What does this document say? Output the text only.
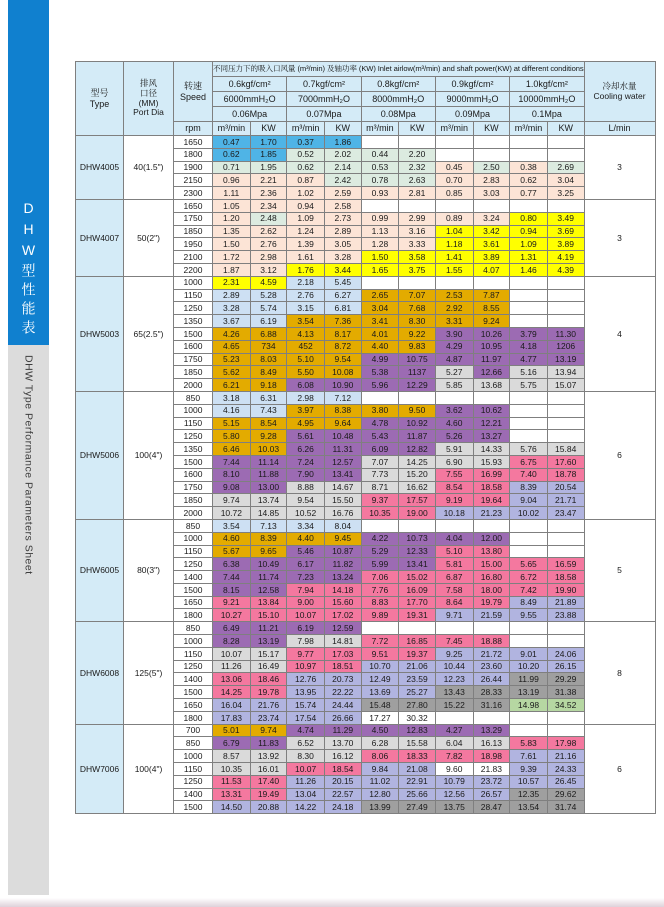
DHW型性能表
DHW Type Performance Parameters Sheet
型号
Type

排风
口径
(MM)
Port Dia

转速
Speed
	不同压力下的吸入口风量 (m³/min) 及轴功率 (KW) Inlet airlow(m³/min) and shaft power(KW) at different conditions	
冷却水量
Cooling water

			0.6kgf/cm²		0.7kgf/cm²		0.8kgf/cm²		0.9kgf/cm²		1.0kgf/cm²		
			6000mmH₂O		7000mmH₂O		8000mmH₂O		9000mmH₂O		10000mmH₂O		
			0.06Mpa		0.07Mpa		0.08Mpa		0.09Mpa		0.1Mpa		
		rpm	m³/min	KW	m³/min	KW	m³/min	KW	m³/min	KW	m³/min	KW	L/min
DHW4005	40(1.5")	1650	0.47	1.70	0.37	1.86							3
		1800	0.62	1.85	0.52	2.02	0.44	2.20					
		1900	0.71	1.95	0.62	2.14	0.53	2.32	0.45	2.50	0.38	2.69	
		2150	0.96	2.21	0.87	2.42	0.78	2.63	0.70	2.83	0.62	3.04	
		2300	1.11	2.36	1.02	2.59	0.93	2.81	0.85	3.03	0.77	3.25	
DHW4007	50(2")	1650	1.05	2.34	0.94	2.58							3
		1750	1.20	2.48	1.09	2.73	0.99	2.99	0.89	3.24	0.80	3.49	
		1850	1.35	2.62	1.24	2.89	1.13	3.16	1.04	3.42	0.94	3.69	
		1950	1.50	2.76	1.39	3.05	1.28	3.33	1.18	3.61	1.09	3.89	
		2100	1.72	2.98	1.61	3.28	1.50	3.58	1.41	3.89	1.31	4.19	
		2200	1.87	3.12	1.76	3.44	1.65	3.75	1.55	4.07	1.46	4.39	
DHW5003	65(2.5")	1000	2.31	4.59	2.18	5.45							4
		1150	2.89	5.28	2.76	6.27	2.65	7.07	2.53	7.87			
		1250	3.28	5.74	3.15	6.81	3.04	7.68	2.92	8.55			
		1350	3.67	6.19	3.54	7.36	3.41	8.30	3.31	9.24			
		1500	4.26	6.88	4.13	8.17	4.01	9.22	3.90	10.26	3.79	11.30	
		1600	4.65	734	452	8.72	4.40	9.83	4.29	10.95	4.18	1206	
		1750	5.23	8.03	5.10	9.54	4.99	10.75	4.87	11.97	4.77	13.19	
		1850	5.62	8.49	5.50	10.08	5.38	1137	5.27	12.66	5.16	13.94	
		2000	6.21	9.18	6.08	10.90	5.96	12.29	5.85	13.68	5.75	15.07	
DHW5006	100(4")	850	3.18	6.31	2.98	7.12							6
		1000	4.16	7.43	3.97	8.38	3.80	9.50	3.62	10.62			
		1150	5.15	8.54	4.95	9.64	4.78	10.92	4.60	12.21			
		1250	5.80	9.28	5.61	10.48	5.43	11.87	5.26	13.27			
		1350	6.46	10.03	6.26	11.31	6.09	12.82	5.91	14.33	5.76	15.84	
		1500	7.44	11.14	7.24	12.57	7.07	14.25	6.90	15.93	6.75	17.60	
		1600	8.10	11.88	7.90	13.41	7.73	15.20	7.55	16.99	7.40	18.78	
		1750	9.08	13.00	8.88	14.67	8.71	16.62	8.54	18.58	8.39	20.54	
		1850	9.74	13.74	9.54	15.50	9.37	17.57	9.19	19.64	9.04	21.71	
		2000	10.72	14.85	10.52	16.76	10.35	19.00	10.18	21.23	10.02	23.47	
DHW6005	80(3")	850	3.54	7.13	3.34	8.04							5
		1000	4.60	8.39	4.40	9.45	4.22	10.73	4.04	12.00			
		1150	5.67	9.65	5.46	10.87	5.29	12.33	5.10	13.80			
		1250	6.38	10.49	6.17	11.82	5.99	13.41	5.81	15.00	5.65	16.59	
		1400	7.44	11.74	7.23	13.24	7.06	15.02	6.87	16.80	6.72	18.58	
		1500	8.15	12.58	7.94	14.18	7.76	16.09	7.58	18.00	7.42	19.90	
		1650	9.21	13.84	9.00	15.60	8.83	17.70	8.64	19.79	8.49	21.89	
		1800	10.27	15.10	10.07	17.02	9.89	19.31	9.71	21.59	9.55	23.88	
DHW6008	125(5")	850	6.49	11.21	6.19	12.59							8
		1000	8.28	13.19	7.98	14.81	7.72	16.85	7.45	18.88			
		1150	10.07	15.17	9.77	17.03	9.51	19.37	9.25	21.72	9.01	24.06	
		1250	11.26	16.49	10.97	18.51	10.70	21.06	10.44	23.60	10.20	26.15	
		1400	13.06	18.46	12.76	20.73	12.49	23.59	12.23	26.44	11.99	29.29	
		1500	14.25	19.78	13.95	22.22	13.69	25.27	13.43	28.33	13.19	31.38	
		1650	16.04	21.76	15.74	24.44	15.48	27.80	15.22	31.16	14.98	34.52	
		1800	17.83	23.74	17.54	26.66	17.27	30.32					
DHW7006	100(4")	700	5.01	9.74	4.74	11.29	4.50	12.83	4.27	13.29			6
		850	6.79	11.83	6.52	13.70	6.28	15.58	6.04	16.13	5.83	17.98	
		1000	8.57	13.92	8.30	16.12	8.06	18.33	7.82	18.98	7.61	21.16	
		1150	10.35	16.01	10.07	18.54	9.84	21.08	9.60	21.83	9.39	24.33	
		1250	11.53	17.40	11.26	20.15	11.02	22.91	10.79	23.72	10.57	26.45	
		1400	13.31	19.49	13.04	22.57	12.80	25.66	12.56	26.57	12.35	29.62	
		1500	14.50	20.88	14.22	24.18	13.99	27.49	13.75	28.47	13.54	31.74	
